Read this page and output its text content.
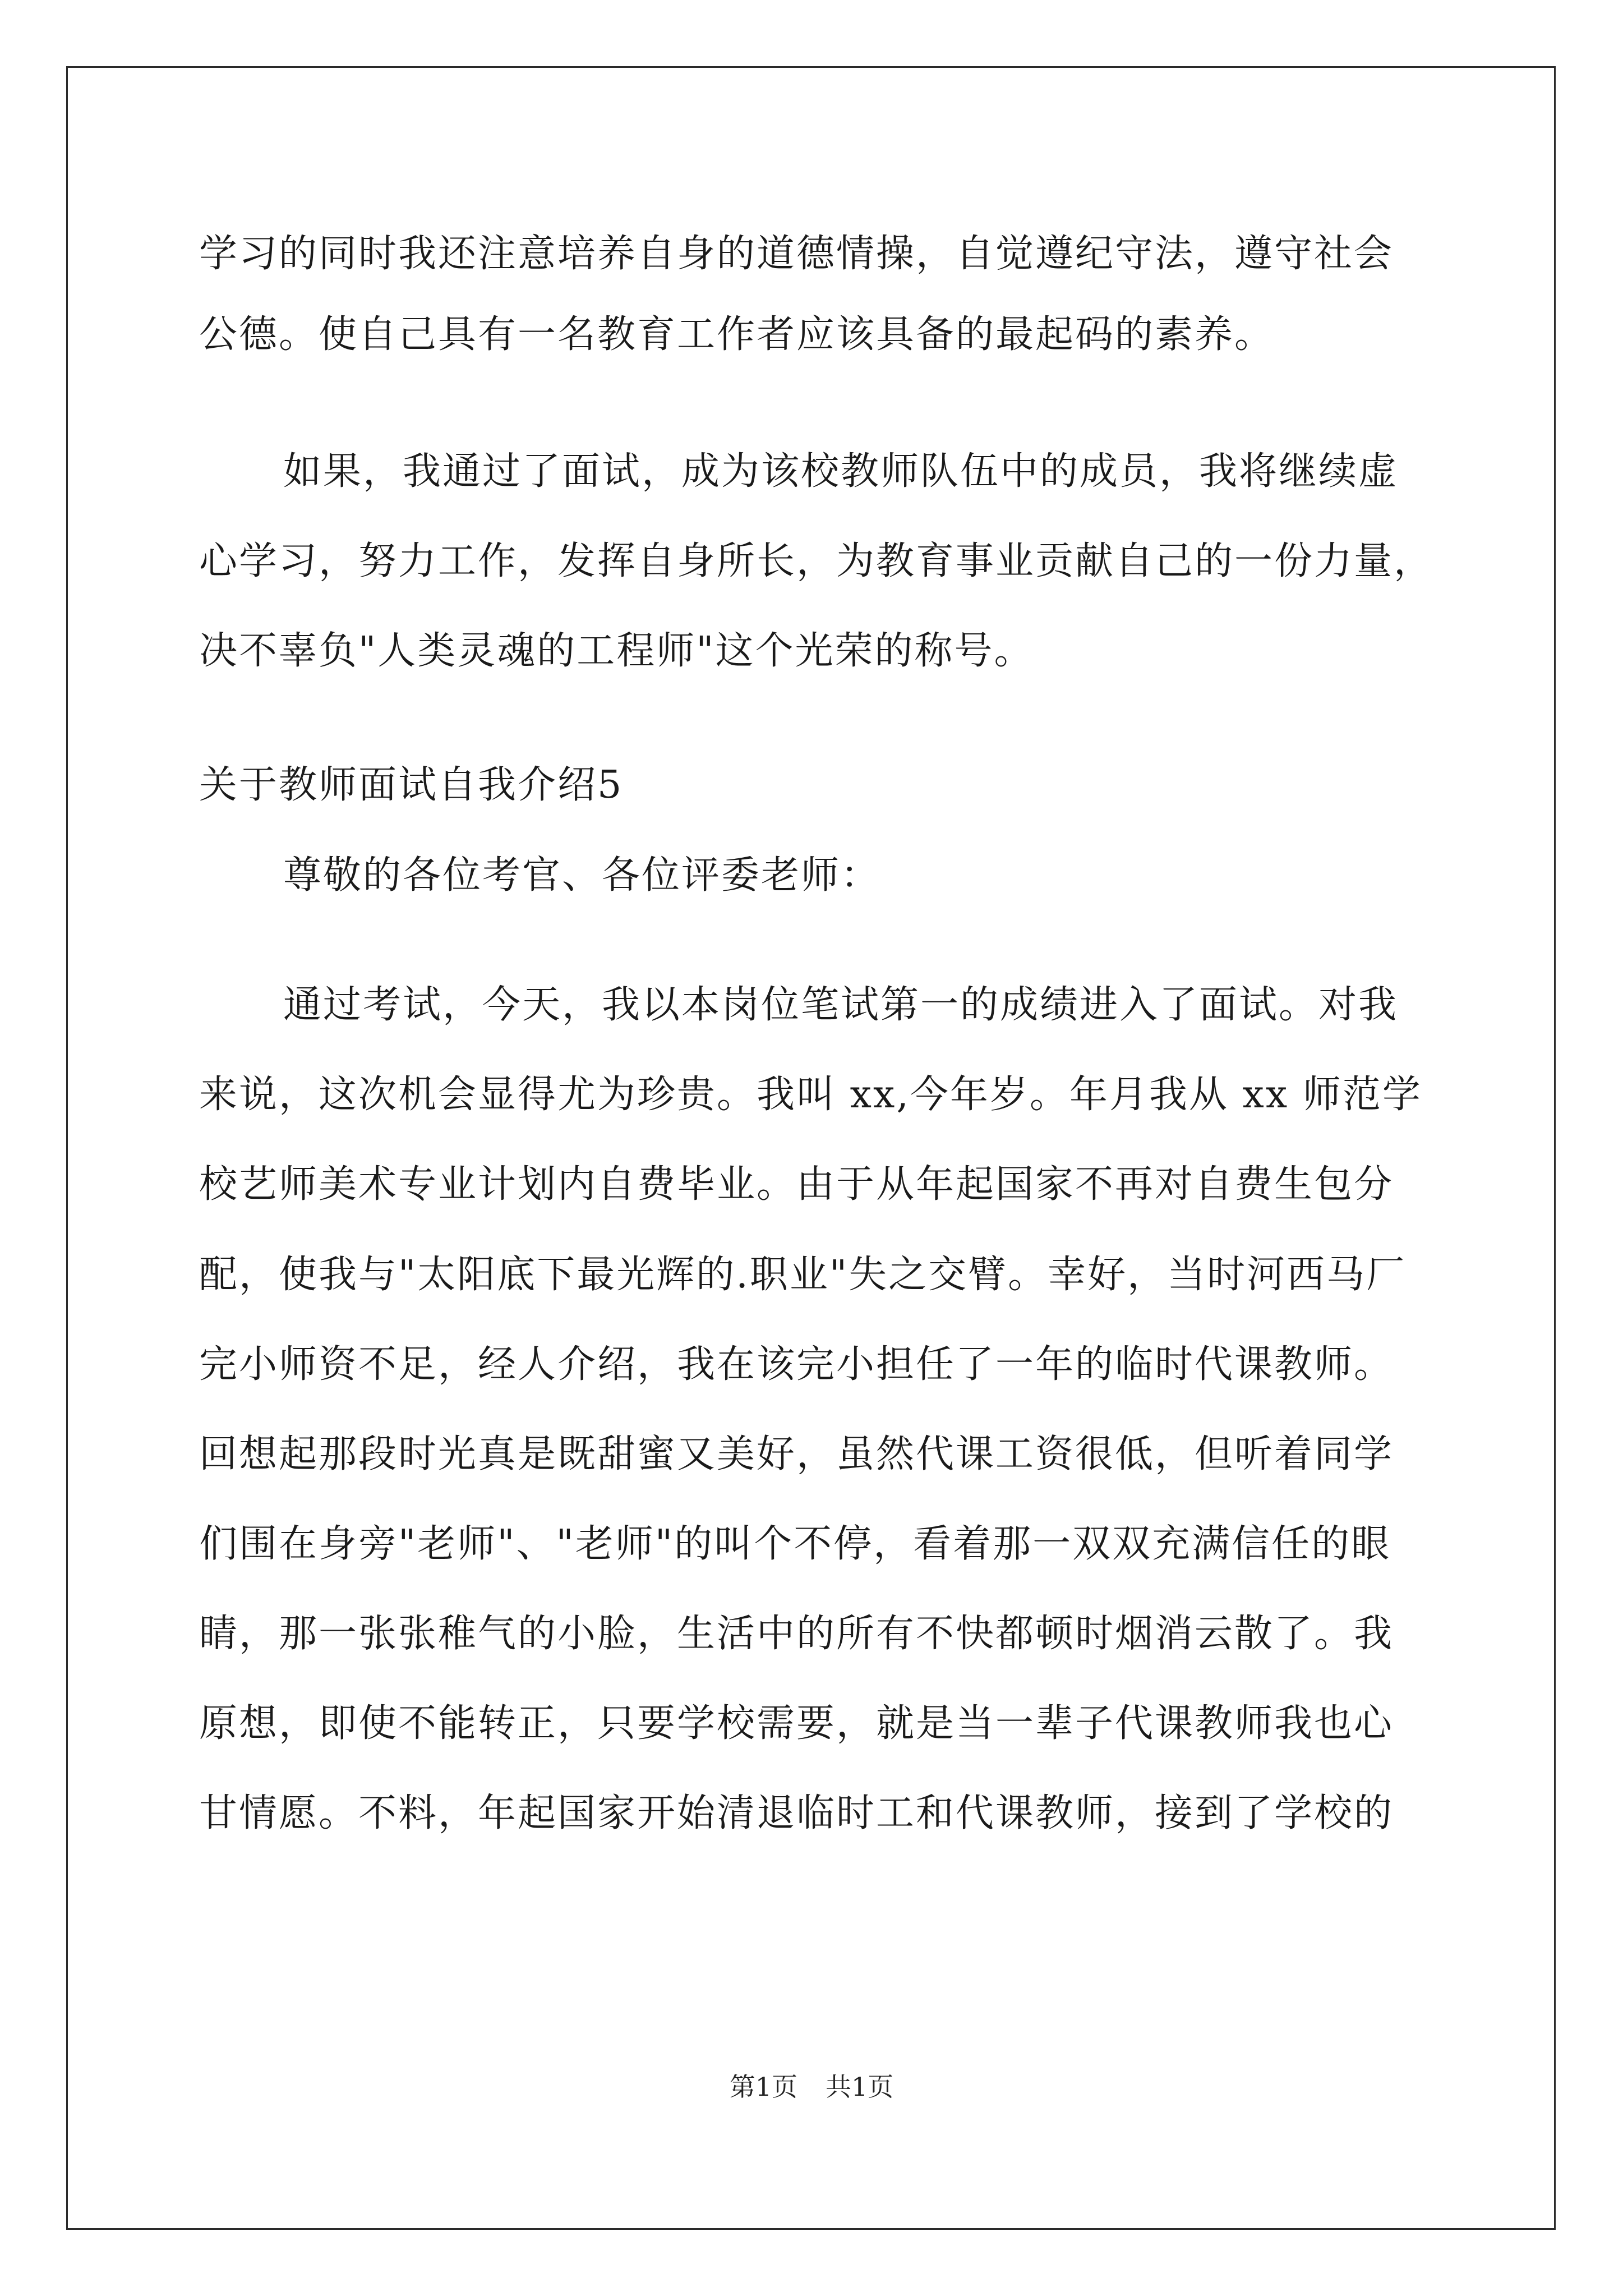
学习的同时我还注意培养自身的道德情操，自觉遵纪守法，遵守社会
公德。使自己具有一名教育工作者应该具备的最起码的素养。
如果，我通过了面试，成为该校教师队伍中的成员，我将继续虚
心学习，努力工作，发挥自身所长，为教育事业贡献自己的一份力量，
决不辜负"人类灵魂的工程师"这个光荣的称号。
关于教师面试自我介绍5
尊敬的各位考官、各位评委老师：
通过考试，今天，我以本岗位笔试第一的成绩进入了面试。对我
来说，这次机会显得尤为珍贵。我叫 xx,今年岁。年月我从 xx 师范学
校艺师美术专业计划内自费毕业。由于从年起国家不再对自费生包分
配，使我与"太阳底下最光辉的.职业"失之交臂。幸好，当时河西马厂
完小师资不足，经人介绍，我在该完小担任了一年的临时代课教师。
回想起那段时光真是既甜蜜又美好，虽然代课工资很低，但听着同学
们围在身旁"老师"、"老师"的叫个不停，看着那一双双充满信任的眼
睛，那一张张稚气的小脸，生活中的所有不快都顿时烟消云散了。我
原想，即使不能转正，只要学校需要，就是当一辈子代课教师我也心
甘情愿。不料，年起国家开始清退临时工和代课教师，接到了学校的
第1页 共1页
